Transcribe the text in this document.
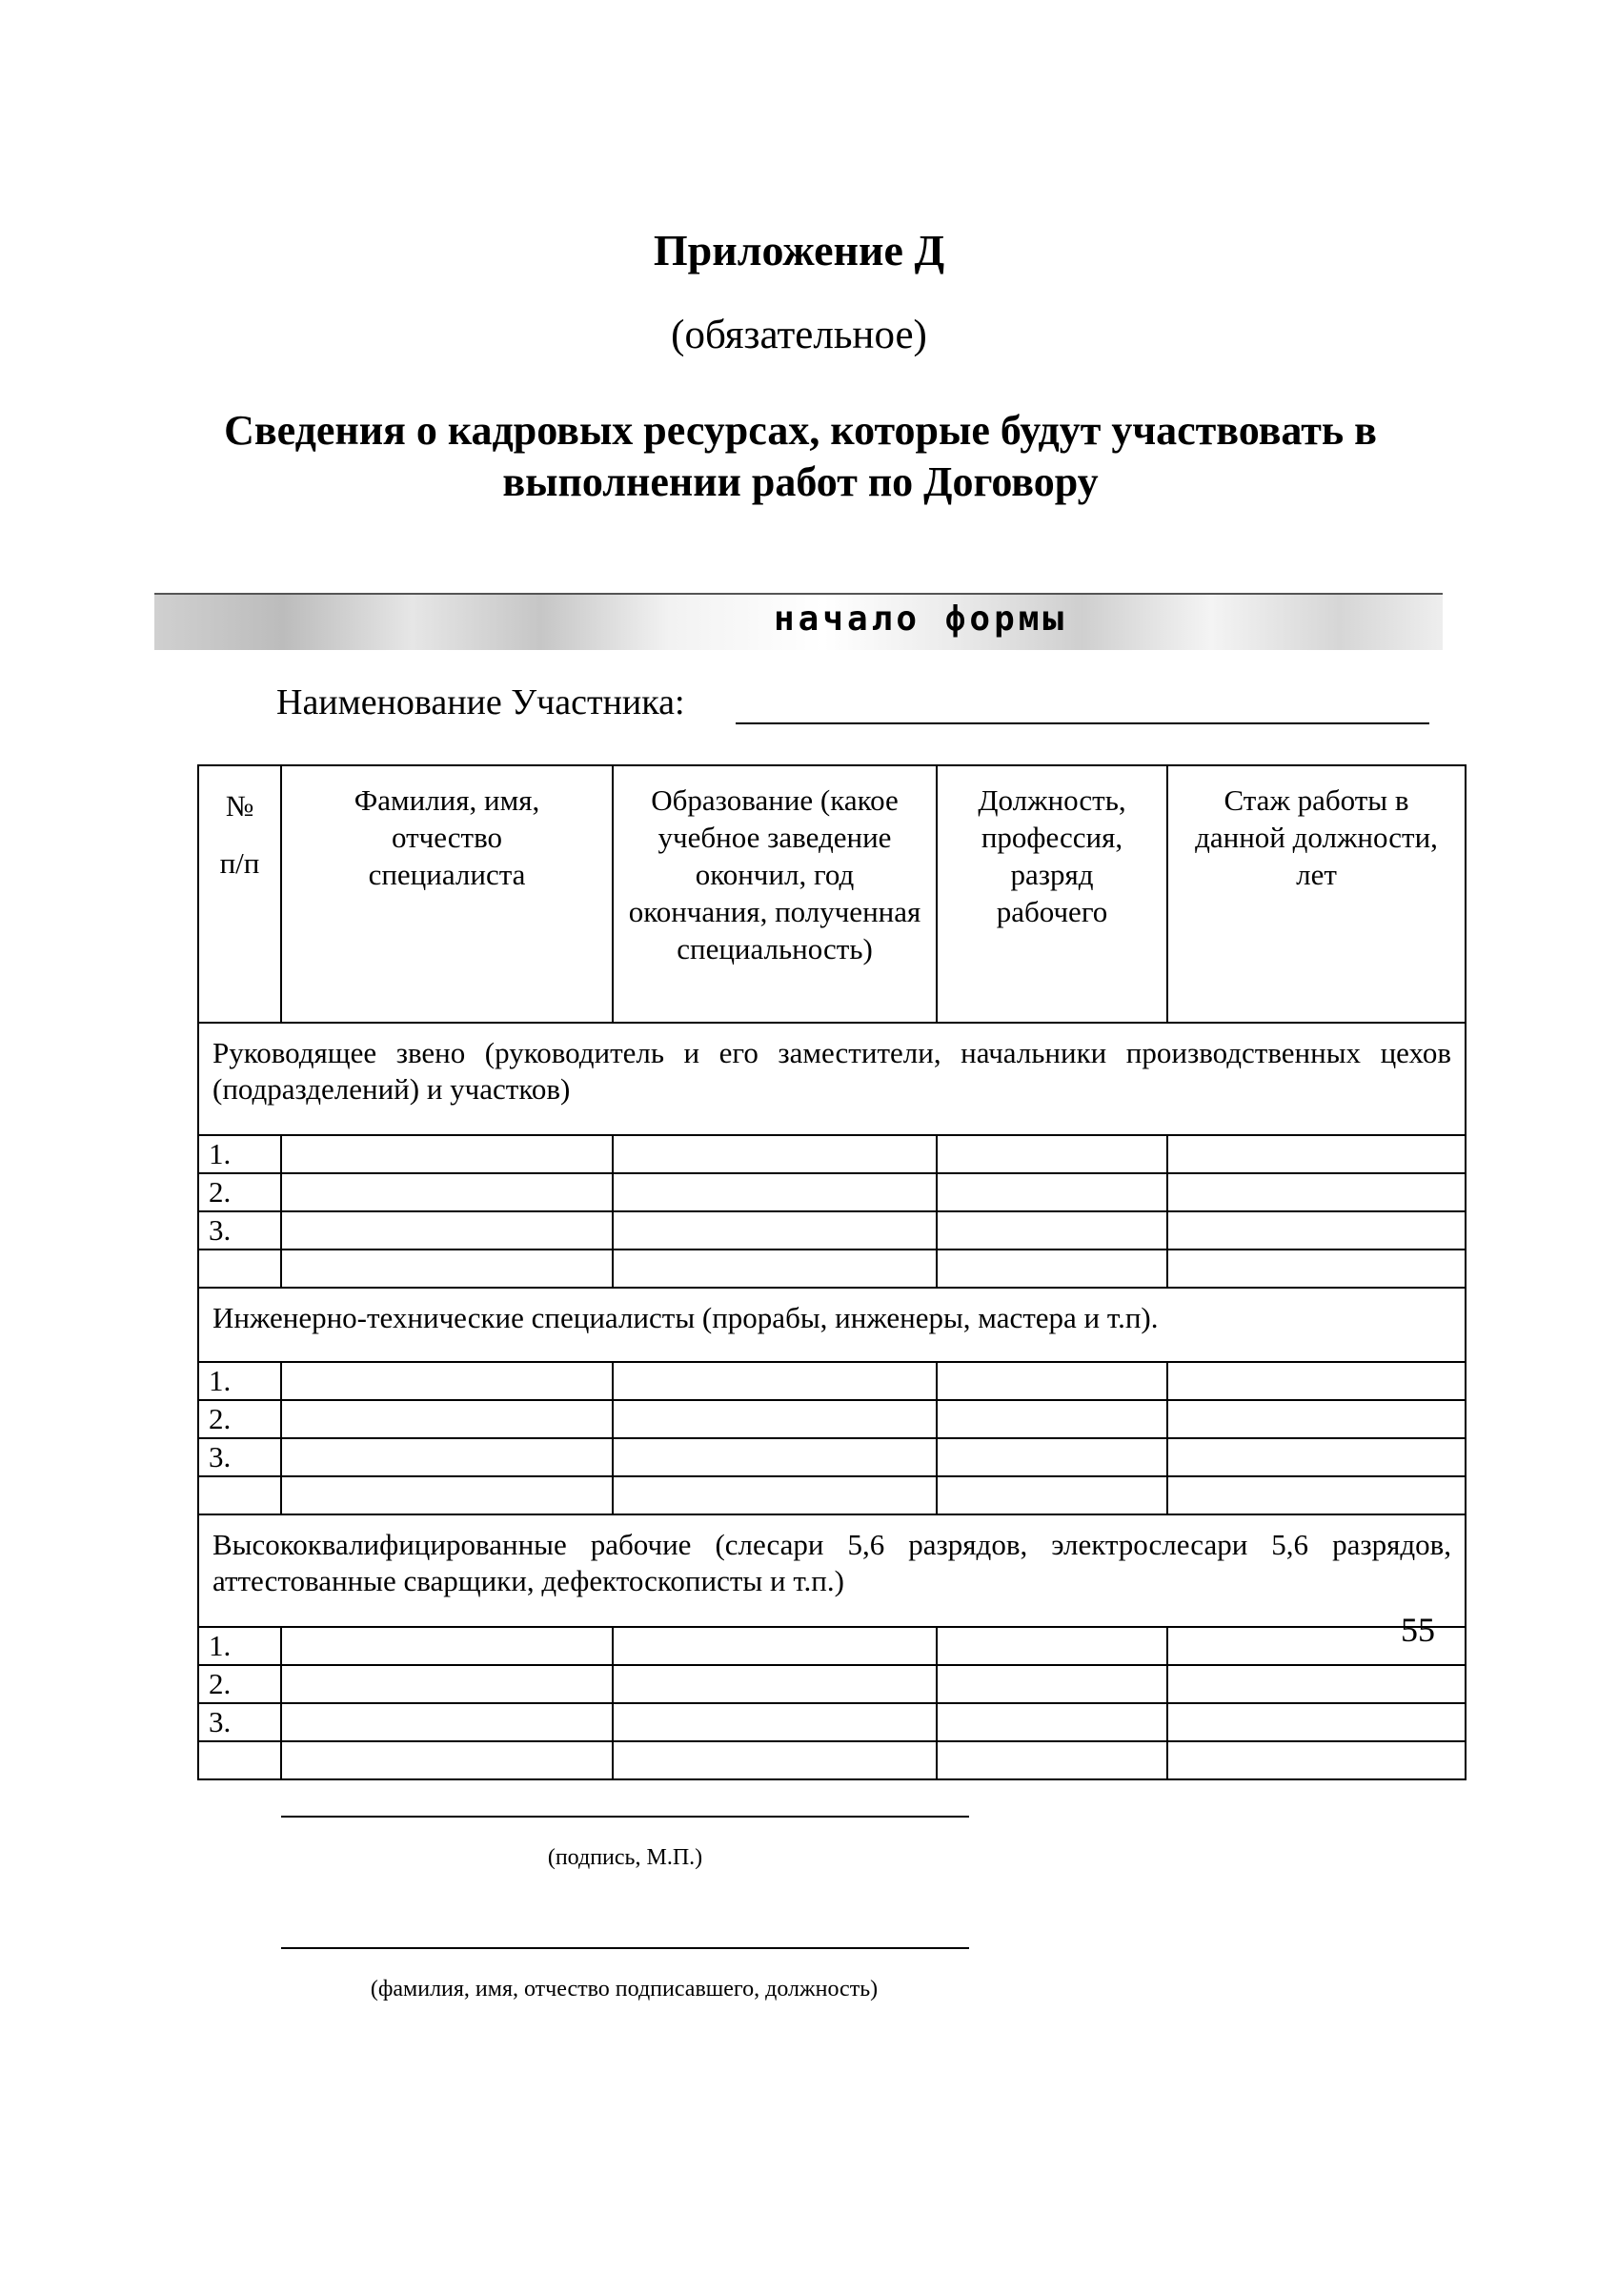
Приложение Д
(обязательное)
Сведения о кадровых ресурсах, которые будут участвовать в
выполнении работ по Договору
начало формы
Наименование Участника:
№
п/п	Фамилия, имя, отчество специалиста	Образование (какое учебное заведение окончил, год окончания, полученная специальность)	Должность, профессия, разряд рабочего	Стаж работы в данной должности, лет
Руководящее звено (руководитель и его заместители, начальники производственных цехов (подразделений) и участков)				
1.				
2.				
3.				

Инженерно-технические специалисты (прорабы, инженеры, мастера и т.п).				
1.				
2.				
3.				

Высококвалифицированные рабочие (слесари 5,6 разрядов, электрослесари 5,6 разрядов, аттестованные сварщики, дефектоскописты и т.п.)				
1.				
2.				
3.				

(подпись, М.П.)
(фамилия, имя, отчество подписавшего, должность)
55
